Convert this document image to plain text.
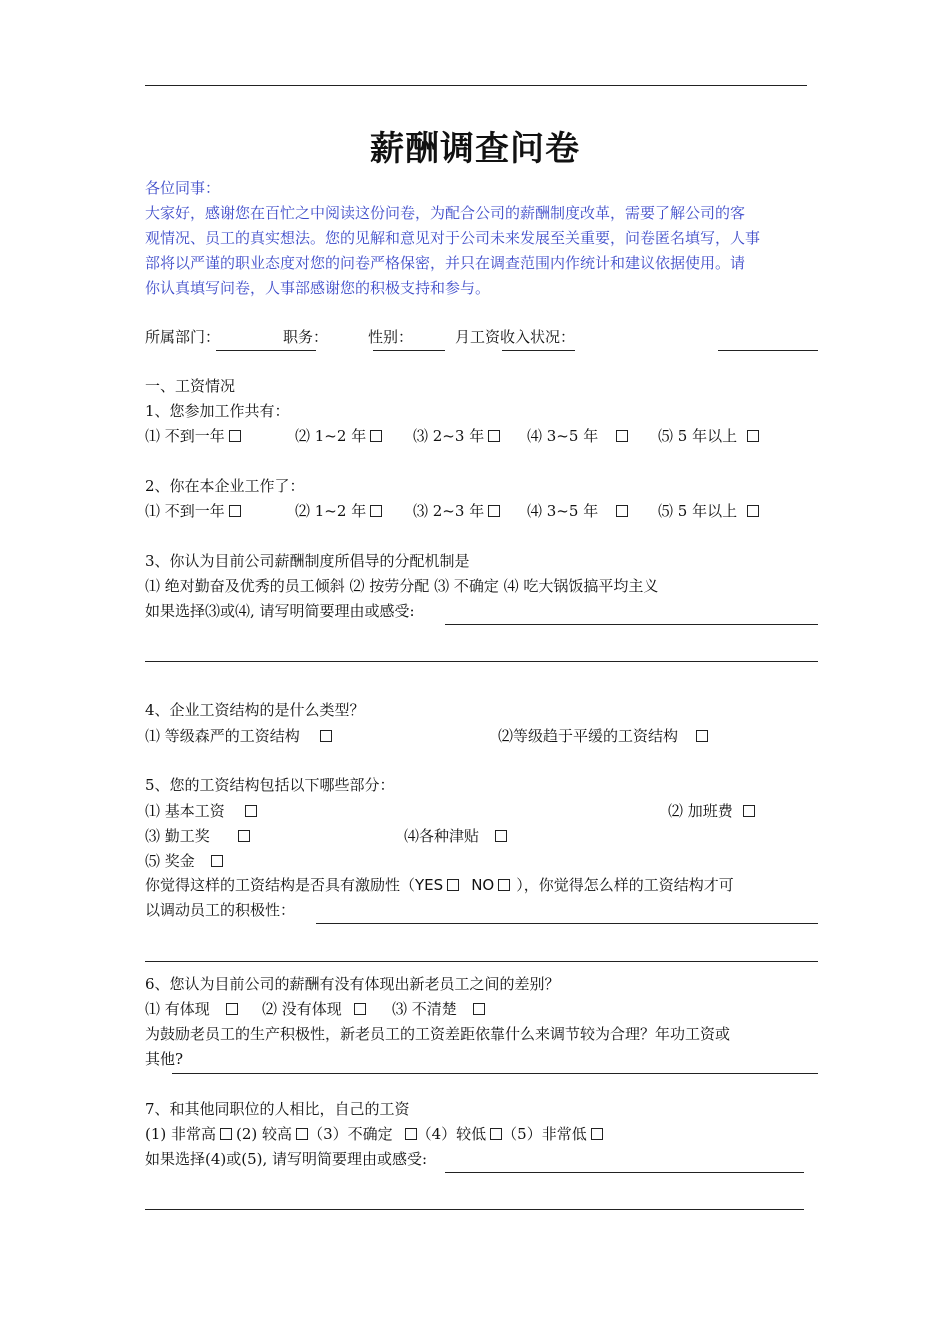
薪酬调查问卷
各位同事：
大家好，感谢您在百忙之中阅读这份问卷，为配合公司的薪酬制度改革，需要了解公司的客
观情况、员工的真实想法。您的见解和意见对于公司未来发展至关重要，问卷匿名填写，人事
部将以严谨的职业态度对您的问卷严格保密，并只在调查范围内作统计和建议依据使用。请
你认真填写问卷，人事部感谢您的积极支持和参与。
所属部门：	职务：	性别：	月工资收入状况：
一、工资情况
1、您参加工作共有：
⑴ 不到一年	⑵ 1~2 年	⑶ 2~3 年	⑷ 3~5 年	⑸ 5 年以上
2、你在本企业工作了：
⑴ 不到一年	⑵ 1~2 年	⑶ 2~3 年	⑷ 3~5 年	⑸ 5 年以上
3、你认为目前公司薪酬制度所倡导的分配机制是
⑴ 绝对勤奋及优秀的员工倾斜 ⑵ 按劳分配 ⑶ 不确定 ⑷ 吃大锅饭搞平均主义
如果选择⑶或⑷, 请写明简要理由或感受:
4、企业工资结构的是什么类型？
⑴ 等级森严的工资结构	⑵等级趋于平缓的工资结构
5、您的工资结构包括以下哪些部分：
⑴ 基本工资	⑵ 加班费
⑶ 勤工奖	⑷各种津贴
⑸ 奖金
你觉得这样的工资结构是否具有激励性（YES NO ），你觉得怎么样的工资结构才可
以调动员工的积极性：
6、您认为目前公司的薪酬有没有体现出新老员工之间的差别？
⑴ 有体现	⑵ 没有体现	⑶ 不清楚
为鼓励老员工的生产积极性，新老员工的工资差距依靠什么来调节较为合理？年功工资或
其他?
7、和其他同职位的人相比，自己的工资
(1) 非常高 (2) 较高 （3）不确定 （4）较低 （5）非常低
如果选择(4)或(5), 请写明简要理由或感受:
